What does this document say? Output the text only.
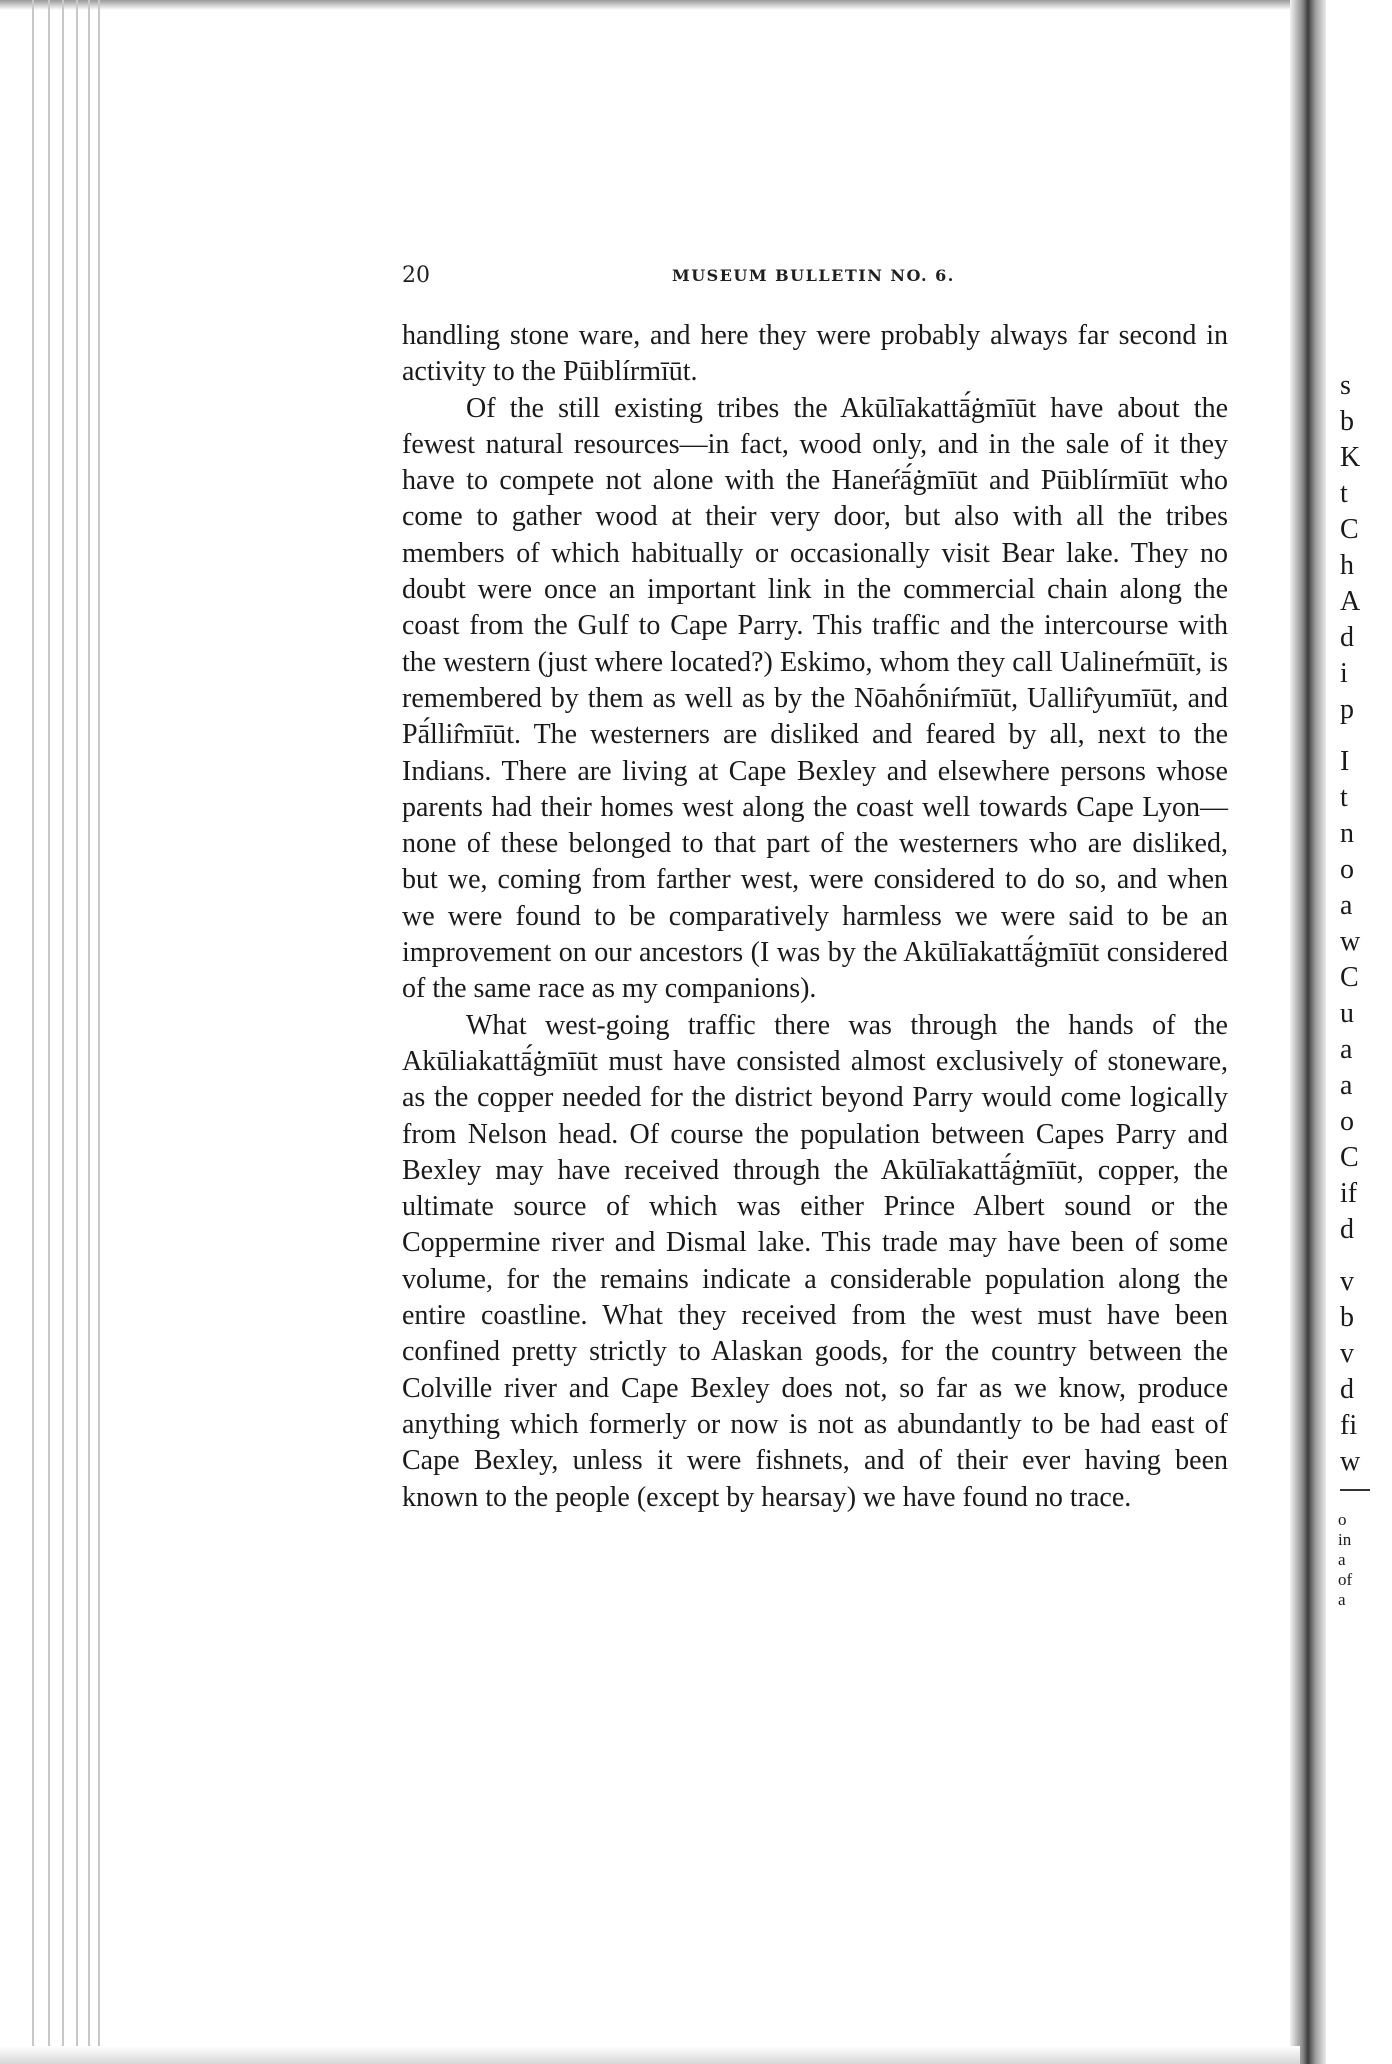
20	MUSEUM BULLETIN NO. 6.

handling stone ware, and here they were probably always far second in activity to the Pūiblírmīūt.

Of the still existing tribes the Akūlīakattā́ġmīūt have about the fewest natural resources—in fact, wood only, and in the sale of it they have to compete not alone with the Haneŕā́ġmīūt and Pūiblírmīūt who come to gather wood at their very door, but also with all the tribes members of which habitually or occasionally visit Bear lake. They no doubt were once an important link in the commercial chain along the coast from the Gulf to Cape Parry. This traffic and the intercourse with the western (just where located?) Eskimo, whom they call Ualineŕmūīt, is remembered by them as well as by the Nōahṓniŕmīūt, Uallir̂yumīūt, and Pā́llir̂mīūt. The westerners are disliked and feared by all, next to the Indians. There are living at Cape Bexley and elsewhere persons whose parents had their homes west along the coast well towards Cape Lyon—none of these belonged to that part of the westerners who are disliked, but we, coming from farther west, were considered to do so, and when we were found to be comparatively harmless we were said to be an improvement on our ancestors (I was by the Akūlīakattā́ġmīūt considered of the same race as my companions).

What west-going traffic there was through the hands of the Akūliakattā́ġmīūt must have consisted almost exclusively of stoneware, as the copper needed for the district beyond Parry would come logically from Nelson head. Of course the population between Capes Parry and Bexley may have received through the Akūlīakattā́ġmīūt, copper, the ultimate source of which was either Prince Albert sound or the Coppermine river and Dismal lake. This trade may have been of some volume, for the remains indicate a considerable population along the entire coastline. What they received from the west must have been confined pretty strictly to Alaskan goods, for the country between the Colville river and Cape Bexley does not, so far as we know, produce anything which formerly or now is not as abundantly to be had east of Cape Bexley, unless it were fishnets, and of their ever having been known to the people (except by hearsay) we have found no trace.

s
b
K
t
C
h
A
d
i
p
I
t
n
o
a
w
C
u
a
a
o
C
if
d
v
b
v
d
fi
w
o
in
a
of
a
